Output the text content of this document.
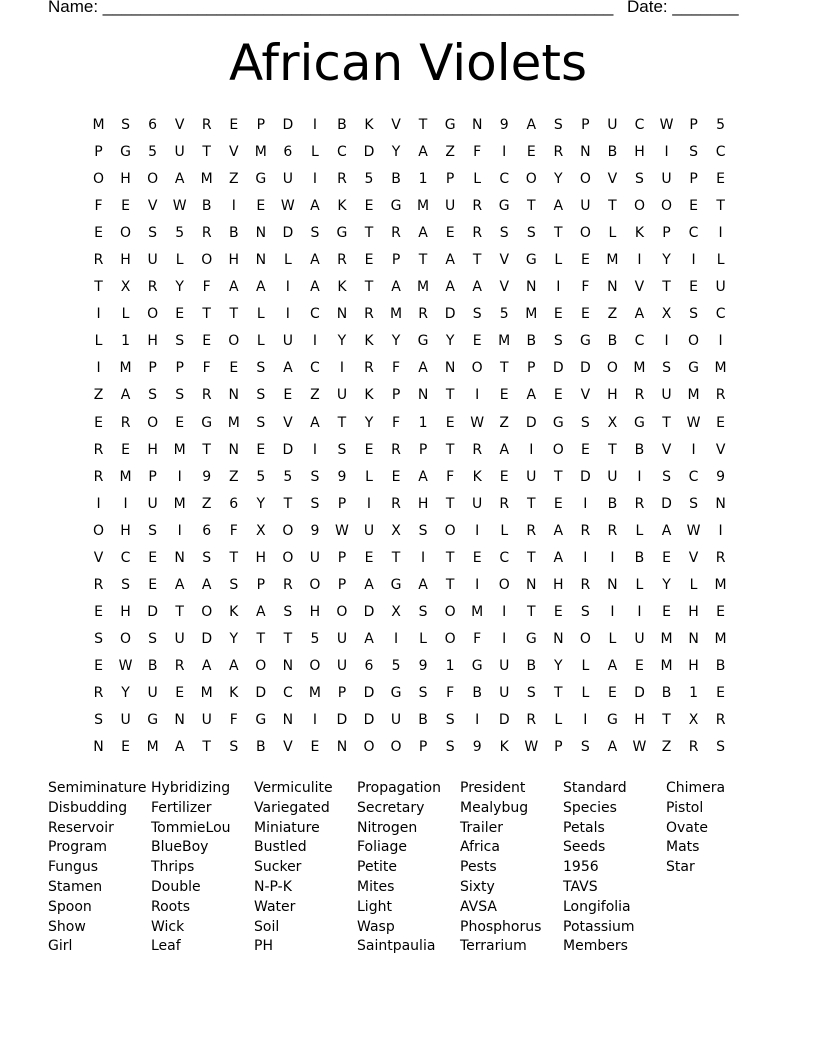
Name: ______________________________________________________

Date: _______

African Violets
M	S	6	V	R	E	P	D	I	B	K	V	T	G	N	9	A	S	P	U	C	W	P	5
P	G	5	U	T	V	M	6	L	C	D	Y	A	Z	F	I	E	R	N	B	H	I	S	C
O	H	O	A	M	Z	G	U	I	R	5	B	1	P	L	C	O	Y	O	V	S	U	P	E
F	E	V	W	B	I	E	W	A	K	E	G	M	U	R	G	T	A	U	T	O	O	E	T
E	O	S	5	R	B	N	D	S	G	T	R	A	E	R	S	S	T	O	L	K	P	C	I
R	H	U	L	O	H	N	L	A	R	E	P	T	A	T	V	G	L	E	M	I	Y	I	L
T	X	R	Y	F	A	A	I	A	K	T	A	M	A	A	V	N	I	F	N	V	T	E	U
I	L	O	E	T	T	L	I	C	N	R	M	R	D	S	5	M	E	E	Z	A	X	S	C
L	1	H	S	E	O	L	U	I	Y	K	Y	G	Y	E	M	B	S	G	B	C	I	O	I
I	M	P	P	F	E	S	A	C	I	R	F	A	N	O	T	P	D	D	O	M	S	G	M
Z	A	S	S	R	N	S	E	Z	U	K	P	N	T	I	E	A	E	V	H	R	U	M	R
E	R	O	E	G	M	S	V	A	T	Y	F	1	E	W	Z	D	G	S	X	G	T	W	E
R	E	H	M	T	N	E	D	I	S	E	R	P	T	R	A	I	O	E	T	B	V	I	V
R	M	P	I	9	Z	5	5	S	9	L	E	A	F	K	E	U	T	D	U	I	S	C	9
I	I	U	M	Z	6	Y	T	S	P	I	R	H	T	U	R	T	E	I	B	R	D	S	N
O	H	S	I	6	F	X	O	9	W	U	X	S	O	I	L	R	A	R	R	L	A	W	I
V	C	E	N	S	T	H	O	U	P	E	T	I	T	E	C	T	A	I	I	B	E	V	R
R	S	E	A	A	S	P	R	O	P	A	G	A	T	I	O	N	H	R	N	L	Y	L	M
E	H	D	T	O	K	A	S	H	O	D	X	S	O	M	I	T	E	S	I	I	E	H	E
S	O	S	U	D	Y	T	T	5	U	A	I	L	O	F	I	G	N	O	L	U	M	N	M
E	W	B	R	A	A	O	N	O	U	6	5	9	1	G	U	B	Y	L	A	E	M	H	B
R	Y	U	E	M	K	D	C	M	P	D	G	S	F	B	U	S	T	L	E	D	B	1	E
S	U	G	N	U	F	G	N	I	D	D	U	B	S	I	D	R	L	I	G	H	T	X	R
N	E	M	A	T	S	B	V	E	N	O	O	P	S	9	K	W	P	S	A	W	Z	R	S
Semiminature
Disbudding
Reservoir
Program
Fungus
Stamen
Spoon
Show
Girl
Hybridizing
Fertilizer
TommieLou
BlueBoy
Thrips
Double
Roots
Wick
Leaf
Vermiculite
Variegated
Miniature
Bustled
Sucker
N-P-K
Water
Soil
PH
Propagation
Secretary
Nitrogen
Foliage
Petite
Mites
Light
Wasp
Saintpaulia
President
Mealybug
Trailer
Africa
Pests
Sixty
AVSA
Phosphorus
Terrarium
Standard
Species
Petals
Seeds
1956
TAVS
Longifolia
Potassium
Members
Chimera
Pistol
Ovate
Mats
Star
